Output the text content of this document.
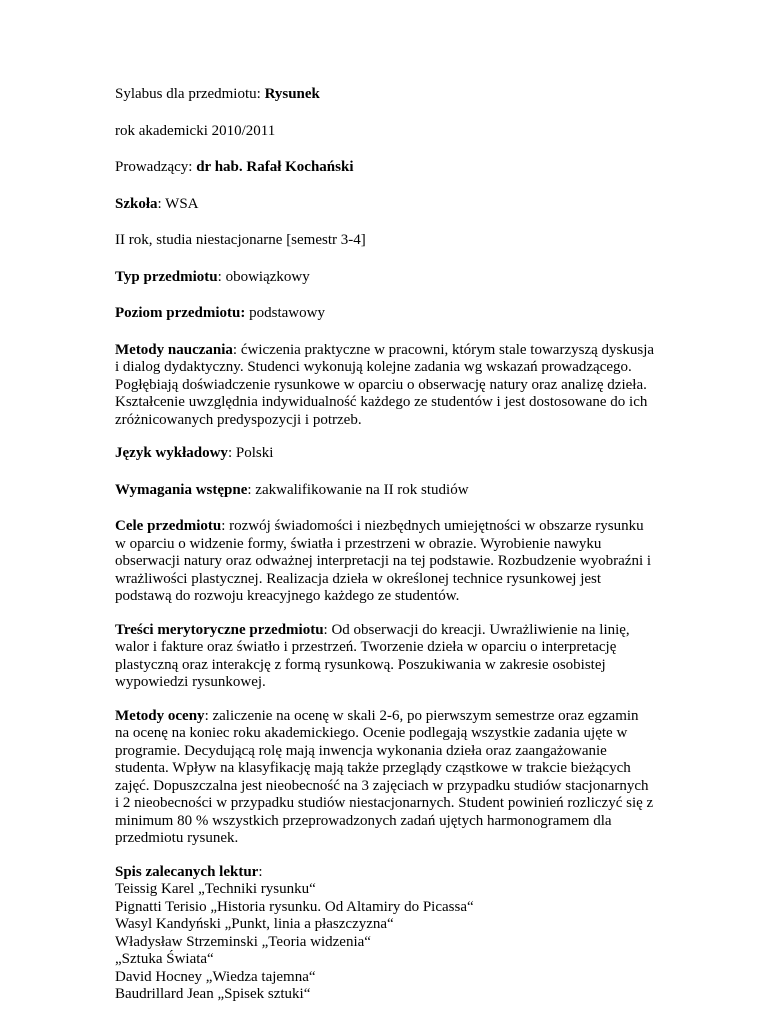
Sylabus dla przedmiotu: Rysunek

rok akademicki 2010/2011

Prowadzący: dr hab. Rafał Kochański

Szkoła: WSA

II rok, studia niestacjonarne [semestr 3-4]

Typ przedmiotu: obowiązkowy

Poziom przedmiotu: podstawowy

Metody nauczania: ćwiczenia praktyczne w pracowni, którym stale towarzyszą dyskusja i dialog dydaktyczny. Studenci wykonują kolejne zadania wg wskazań prowadzącego. Pogłębiają doświadczenie rysunkowe w oparciu o obserwację natury oraz analizę dzieła. Kształcenie uwzględnia indywidualność każdego ze studentów i jest dostosowane do ich zróżnicowanych predyspozycji i potrzeb.

Język wykładowy: Polski

Wymagania wstępne: zakwalifikowanie na II rok studiów

Cele przedmiotu: rozwój świadomości i niezbędnych umiejętności w obszarze rysunku w oparciu o widzenie formy, światła i przestrzeni w obrazie. Wyrobienie nawyku obserwacji natury oraz odważnej interpretacji na tej podstawie. Rozbudzenie wyobraźni i wrażliwości plastycznej. Realizacja dzieła w określonej technice rysunkowej jest podstawą do rozwoju kreacyjnego każdego ze studentów.

Treści merytoryczne przedmiotu: Od obserwacji do kreacji. Uwrażliwienie na linię, walor i fakture oraz światło i przestrzeń. Tworzenie dzieła w oparciu o interpretację plastyczną oraz interakcję z formą rysunkową. Poszukiwania w zakresie osobistej wypowiedzi rysunkowej.

Metody oceny: zaliczenie na ocenę w skali 2-6, po pierwszym semestrze oraz egzamin na ocenę na koniec roku akademickiego. Ocenie podlegają wszystkie zadania ujęte w programie. Decydującą rolę mają inwencja wykonania dzieła oraz zaangażowanie studenta. Wpływ na klasyfikację mają także przeglądy cząstkowe w trakcie bieżących zajęć. Dopuszczalna jest nieobecność na 3 zajęciach w przypadku studiów stacjonarnych i 2 nieobecności w przypadku studiów niestacjonarnych. Student powinień rozliczyć się z minimum 80 % wszystkich przeprowadzonych zadań ujętych harmonogramem dla przedmiotu rysunek.

Spis zalecanych lektur:
Teissig Karel „Techniki rysunku“
Pignatti Terisio „Historia rysunku. Od Altamiry do Picassa“
Wasyl Kandyński „Punkt, linia a płaszczyzna“
Władysław Strzeminski „Teoria widzenia“
„Sztuka Świata“
David Hocney „Wiedza tajemna“
Baudrillard Jean „Spisek sztuki“
